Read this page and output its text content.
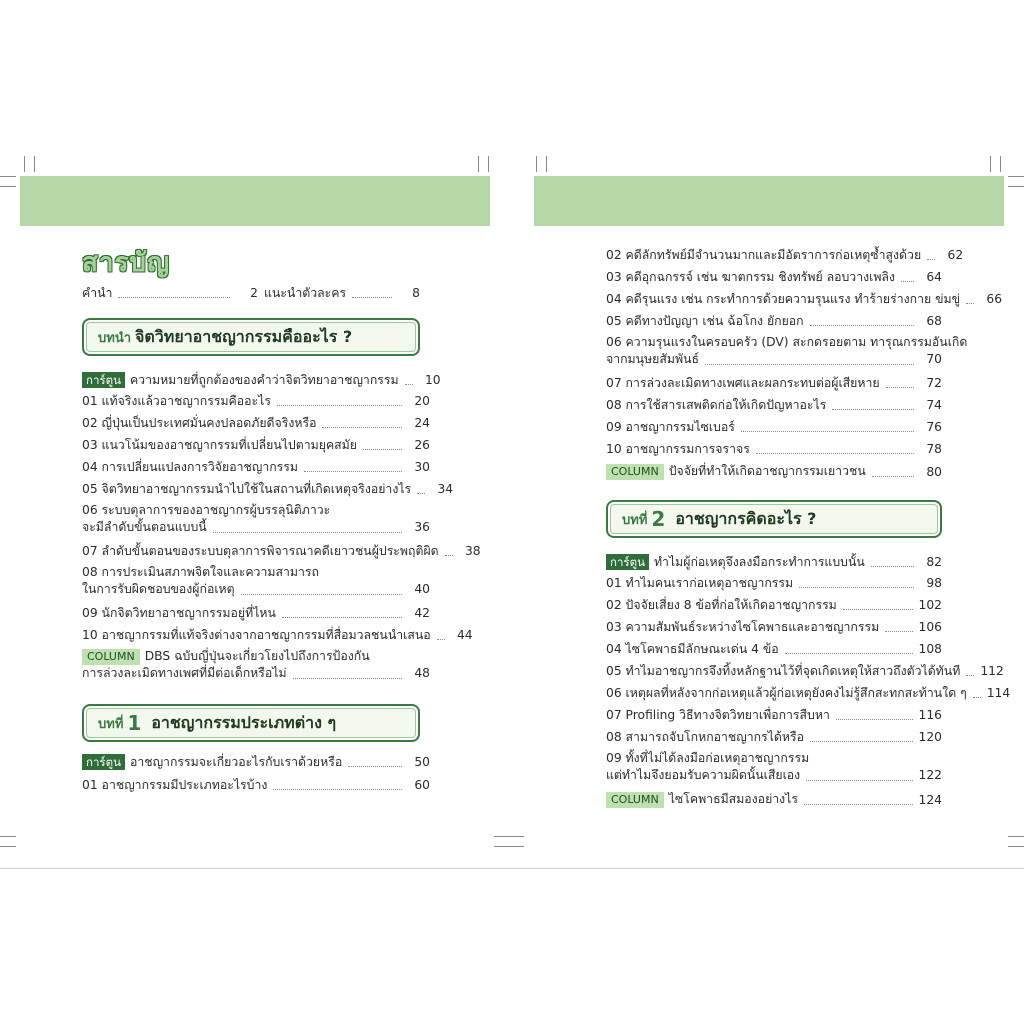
สารบัญ
คำนำ	2 แนะนำตัวละคร	8
บทนำ จิตวิทยาอาชญากรรมคืออะไร ?
การ์ตูน ความหมายที่ถูกต้องของคำว่าจิตวิทยาอาชญากรรม	10
01 แท้จริงแล้วอาชญากรรมคืออะไร	20
02 ญี่ปุ่นเป็นประเทศมั่นคงปลอดภัยดีจริงหรือ	24
03 แนวโน้มของอาชญากรรมที่เปลี่ยนไปตามยุคสมัย	26
04 การเปลี่ยนแปลงการวิจัยอาชญากรรม	30
05 จิตวิทยาอาชญากรรมนำไปใช้ในสถานที่เกิดเหตุจริงอย่างไร	34
06 ระบบตุลาการของอาชญากรผู้บรรลุนิติภาวะ
จะมีลำดับขั้นตอนแบบนี้	36
07 ลำดับขั้นตอนของระบบตุลาการพิจารณาคดีเยาวชนผู้ประพฤติผิด	38
08 การประเมินสภาพจิตใจและความสามารถ
ในการรับผิดชอบของผู้ก่อเหตุ	40
09 นักจิตวิทยาอาชญากรรมอยู่ที่ไหน	42
10 อาชญากรรมที่แท้จริงต่างจากอาชญากรรมที่สื่อมวลชนนำเสนอ	44
COLUMN DBS ฉบับญี่ปุ่นจะเกี่ยวโยงไปถึงการป้องกัน
การล่วงละเมิดทางเพศที่มีต่อเด็กหรือไม่	48
บทที่ 1 อาชญากรรมประเภทต่าง ๆ
การ์ตูน อาชญากรรมจะเกี่ยวอะไรกับเราด้วยหรือ	50
01 อาชญากรรมมีประเภทอะไรบ้าง	60
02 คดีลักทรัพย์มีจำนวนมากและมีอัตราการก่อเหตุซ้ำสูงด้วย	62
03 คดีอุกฉกรรจ์ เช่น ฆาตกรรม ชิงทรัพย์ ลอบวางเพลิง	64
04 คดีรุนแรง เช่น กระทำการด้วยความรุนแรง ทำร้ายร่างกาย ข่มขู่	66
05 คดีทางปัญญา เช่น ฉ้อโกง ยักยอก	68
06 ความรุนแรงในครอบครัว (DV) สะกดรอยตาม ทารุณกรรมอันเกิด
จากมนุษยสัมพันธ์	70
07 การล่วงละเมิดทางเพศและผลกระทบต่อผู้เสียหาย	72
08 การใช้สารเสพติดก่อให้เกิดปัญหาอะไร	74
09 อาชญากรรมไซเบอร์	76
10 อาชญากรรมการจราจร	78
COLUMN ปัจจัยที่ทำให้เกิดอาชญากรรมเยาวชน	80
บทที่ 2 อาชญากรคิดอะไร ?
การ์ตูน ทำไมผู้ก่อเหตุจึงลงมือกระทำการแบบนั้น	82
01 ทำไมคนเราก่อเหตุอาชญากรรม	98
02 ปัจจัยเสี่ยง 8 ข้อที่ก่อให้เกิดอาชญากรรม	102
03 ความสัมพันธ์ระหว่างไซโคพาธและอาชญากรรม	106
04 ไซโคพาธมีลักษณะเด่น 4 ข้อ	108
05 ทำไมอาชญากรจึงทิ้งหลักฐานไว้ที่จุดเกิดเหตุให้สาวถึงตัวได้ทันที 112
06 เหตุผลที่หลังจากก่อเหตุแล้วผู้ก่อเหตุยังคงไม่รู้สึกสะทกสะท้านใด ๆ 114
07 Profiling วิธีทางจิตวิทยาเพื่อการสืบหา	116
08 สามารถจับโกหกอาชญากรได้หรือ	120
09 ทั้งที่ไม่ได้ลงมือก่อเหตุอาชญากรรม
แต่ทำไมจึงยอมรับความผิดนั้นเสียเอง	122
COLUMN ไซโคพาธมีสมองอย่างไร	124
